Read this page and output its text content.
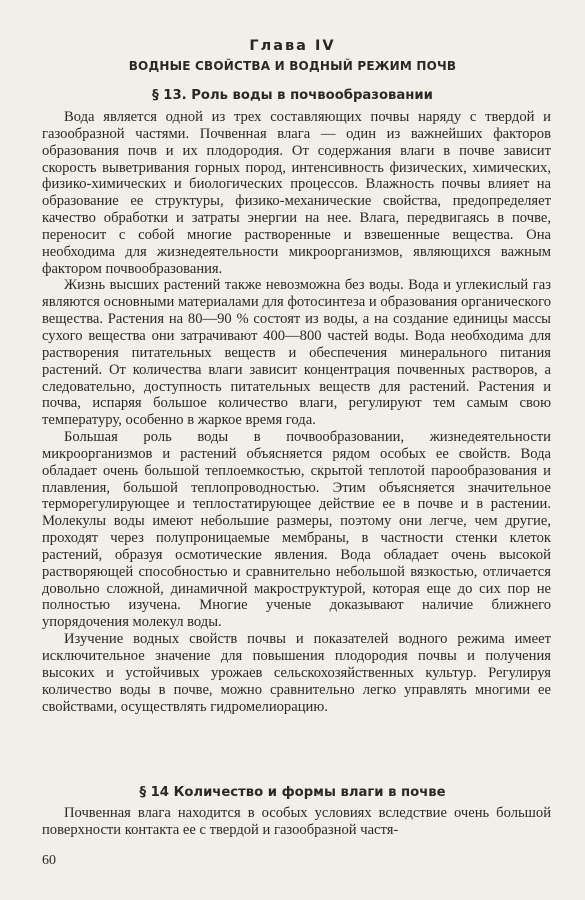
Глава IV
ВОДНЫЕ СВОЙСТВА И ВОДНЫЙ РЕЖИМ ПОЧВ
§ 13. Роль воды в почвообразовании

Вода является одной из трех составляющих почвы наряду с твердой и газообразной частями. Почвенная влага — один из важнейших факторов образования почв и их плодородия. От содержания влаги в почве зависит скорость выветривания горных пород, интенсивность физических, химических, физико-химических и биологических процессов. Влажность почвы влияет на образование ее структуры, физико-механические свойства, предопределяет качество обработки и затраты энергии на нее. Влага, передвигаясь в почве, переносит с собой многие растворенные и взвешенные вещества. Она необходима для жизнедеятельности микроорганизмов, являющихся важным фактором почвообразования.

Жизнь высших растений также невозможна без воды. Вода и углекислый газ являются основными материалами для фотосинтеза и образования органического вещества. Растения на 80—90 % состоят из воды, а на создание единицы массы сухого вещества они затрачивают 400—800 частей воды. Вода необходима для растворения питательных веществ и обеспечения минерального питания растений. От количества влаги зависит концентрация почвенных растворов, а следовательно, доступность питательных веществ для растений. Растения и почва, испаряя большое количество влаги, регулируют тем самым свою температуру, особенно в жаркое время года.

Большая роль воды в почвообразовании, жизнедеятельности микроорганизмов и растений объясняется рядом особых ее свойств. Вода обладает очень большой теплоемкостью, скрытой теплотой парообразования и плавления, большой теплопроводностью. Этим объясняется значительное терморегулирующее и теплостатирующее действие ее в почве и в растении. Молекулы воды имеют небольшие размеры, поэтому они легче, чем другие, проходят через полупроницаемые мембраны, в частности стенки клеток растений, образуя осмотические явления. Вода обладает очень высокой растворяющей способностью и сравнительно небольшой вязкостью, отличается довольно сложной, динамичной макроструктурой, которая еще до сих пор не полностью изучена. Многие ученые доказывают наличие ближнего упорядочения молекул воды.

Изучение водных свойств почвы и показателей водного режима имеет исключительное значение для повышения плодородия почвы и получения высоких и устойчивых урожаев сельскохозяйственных культур. Регулируя количество воды в почве, можно сравнительно легко управлять многими ее свойствами, осуществлять гидромелиорацию.

§ 14 Количество и формы влаги в почве

Почвенная влага находится в особых условиях вследствие очень большой поверхности контакта ее с твердой и газообразной частя-

60
